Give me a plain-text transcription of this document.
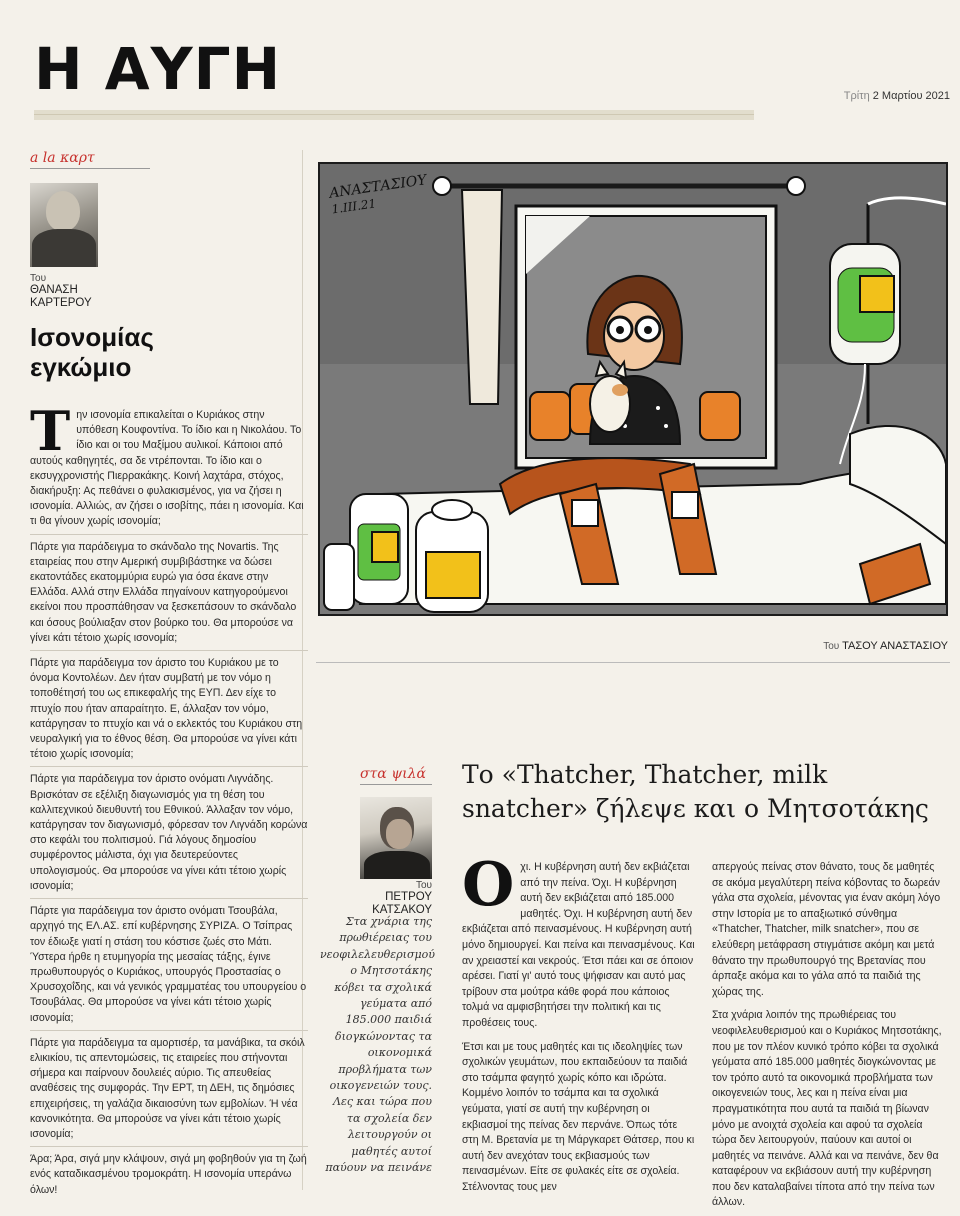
Η ΑΥΓΗ	Τρίτη 2 Μαρτίου 2021
a la καρτ
Του
ΘΑΝΑΣΗ ΚΑΡΤΕΡΟΥ
Ισονομίας εγκώμιο

Την ισονομία επικαλείται ο Κυριάκος στην υπόθεση Κουφοντίνα. Το ίδιο και η Νικολάου. Το ίδιο και οι του Μαξίμου αυλικοί. Κάποιοι από αυτούς καθηγητές, σα δε ντρέπονται. Το ίδιο και ο εκσυγχρονιστής Πιερρακάκης. Κοινή λαχτάρα, στόχος, διακήρυξη: Ας πεθάνει ο φυλακισμένος, για να ζήσει η ισονομία. Αλλιώς, αν ζήσει ο ισοβίτης, πάει η ισονομία. Και τι θα γίνουν χωρίς ισονομία;

Πάρτε για παράδειγμα το σκάνδαλο της Novartis. Της εταιρείας που στην Αμερική συμβιβάστηκε να δώσει εκατοντάδες εκατομμύρια ευρώ για όσα έκανε στην Ελλάδα. Αλλά στην Ελλάδα πηγαίνουν κατηγορούμενοι εκείνοι που προσπάθησαν να ξεσκεπάσουν το σκάνδαλο και όσους βούλιαξαν στον βούρκο του. Θα μπορούσε να γίνει κάτι τέτοιο χωρίς ισονομία;

Πάρτε για παράδειγμα τον άριστο του Κυριάκου με το όνομα Κοντολέων. Δεν ήταν συμβατή με τον νόμο η τοποθέτησή του ως επικεφαλής της ΕΥΠ. Δεν είχε το πτυχίο που ήταν απαραίτητο. Ε, άλλαξαν τον νόμο, κατάργησαν το πτυχίο και νά ο εκλεκτός του Κυριάκου στη νευραλγική για το έθνος θέση. Θα μπορούσε να γίνει κάτι τέτοιο χωρίς ισονομία;

Πάρτε για παράδειγμα τον άριστο ονόματι Λιγνάδης. Βρισκόταν σε εξέλιξη διαγωνισμός για τη θέση του καλλιτεχνικού διευθυντή του Εθνικού. Άλλαξαν τον νόμο, κατάργησαν τον διαγωνισμό, φόρεσαν τον Λιγνάδη κορώνα στο κεφάλι του πολιτισμού. Γιά λόγους δημοσίου συμφέροντος μάλιστα, όχι για δευτερεύοντες υπολογισμούς. Θα μπορούσε να γίνει κάτι τέτοιο χωρίς ισονομία;

Πάρτε για παράδειγμα τον άριστο ονόματι Τσουβάλα, αρχηγό της ΕΛ.ΑΣ. επί κυβέρνησης ΣΥΡΙΖΑ. Ο Τσίπρας τον έδιωξε γιατί η στάση του κόστισε ζωές στο Μάτι. Ύστερα ήρθε η ετυμηγορία της μεσαίας τάξης, έγινε πρωθυπουργός ο Κυριάκος, υπουργός Προστασίας ο Χρυσοχοΐδης, και νά γενικός γραμματέας του υπουργείου ο Τσουβάλας. Θα μπορούσε να γίνει κάτι τέτοιο χωρίς ισονομία;

Πάρτε για παράδειγμα τα αμορτισέρ, τα μανάβικα, τα σκόιλ ελικικίου, τις απεντομώσεις, τις εταιρείες που στήνονται σήμερα και παίρνουν δουλειές αύριο. Τις απευθείας αναθέσεις της συμφοράς. Την ΕΡΤ, τη ΔΕΗ, τις δημόσιες επιχειρήσεις, τη γαλάζια δικαιοσύνη των εμβολίων. Ή νέα κανονικότητα. Θα μπορούσε να γίνει κάτι τέτοιο χωρίς ισονομία;

Άρα; Άρα, σιγά μην κλάψουν, σιγά μη φοβηθούν για τη ζωή ενός καταδικασμένου τρομοκράτη. Η ισονομία υπεράνω όλων!

ΑΝΑΣΤΑΣΙΟΥ
1.III.21
Του ΤΑΣΟΥ ΑΝΑΣΤΑΣΙΟΥ
στα ψιλά
Του
ΠΕΤΡΟΥ ΚΑΤΣΑΚΟΥ
Στα χνάρια της πρωθιέρειας του νεοφιλελευθερισμού ο Μητσοτάκης κόβει τα σχολικά γεύματα από 185.000 παιδιά διογκώνοντας τα οικονομικά προβλήματα των οικογενειών τους. Λες και τώρα που τα σχολεία δεν λειτουργούν οι μαθητές αυτοί παύουν να πεινάνε
Το «Thatcher, Thatcher, milk snatcher» ζήλεψε και ο Μητσοτάκης

Οχι. Η κυβέρνηση αυτή δεν εκβιάζεται από την πείνα. Όχι. Η κυβέρνηση αυτή δεν εκβιάζεται από 185.000 μαθητές. Όχι. Η κυβέρνηση αυτή δεν εκβιάζεται από πεινασμένους. Η κυβέρνηση αυτή μόνο δημιουργεί. Και πείνα και πεινασμένους. Και αν χρειαστεί και νεκρούς. Έτσι πάει και σε όποιον αρέσει. Γιατί γι' αυτό τους ψήφισαν και αυτό μας τρίβουν στα μούτρα κάθε φορά που κάποιος τολμά να αμφισβητήσει την πολιτική και τις προθέσεις τους.

Έτσι και με τους μαθητές και τις ιδεοληψίες των σχολικών γευμάτων, που εκπαιδεύουν τα παιδιά στο τσάμπα φαγητό χωρίς κόπο και ιδρώτα. Κομμένο λοιπόν το τσάμπα και τα σχολικά γεύματα, γιατί σε αυτή την κυβέρνηση οι εκβιασμοί της πείνας δεν περνάνε. Όπως τότε στη Μ. Βρετανία με τη Μάργκαρετ Θάτσερ, που κι αυτή δεν ανεχόταν τους εκβιασμούς των πεινασμένων. Είτε σε φυλακές είτε σε σχολεία. Στέλνοντας τους μεν

απεργούς πείνας στον θάνατο, τους δε μαθητές σε ακόμα μεγαλύτερη πείνα κόβοντας το δωρεάν γάλα στα σχολεία, μένοντας για έναν ακόμη λόγο στην Ιστορία με το απαξιωτικό σύνθημα «Thatcher, Thatcher, milk snatcher», που σε ελεύθερη μετάφραση στιγμάτισε ακόμη και μετά θάνατο την πρωθυπουργό της Βρετανίας που άρπαξε ακόμα και το γάλα από τα παιδιά της χώρας της.

Στα χνάρια λοιπόν της πρωθιέρειας του νεοφιλελευθερισμού και ο Κυριάκος Μητσοτάκης, που με τον πλέον κυνικό τρόπο κόβει τα σχολικά γεύματα από 185.000 μαθητές διογκώνοντας με τον τρόπο αυτό τα οικονομικά προβλήματα των οικογενειών τους, λες και η πείνα είναι μια πραγματικότητα που αυτά τα παιδιά τη βίωναν μόνο με ανοιχτά σχολεία και αφού τα σχολεία τώρα δεν λειτουργούν, παύουν και αυτοί οι μαθητές να πεινάνε. Αλλά και να πεινάνε, δεν θα καταφέρουν να εκβιάσουν αυτή την κυβέρνηση που δεν καταλαβαίνει τίποτα από την πείνα των άλλων.
